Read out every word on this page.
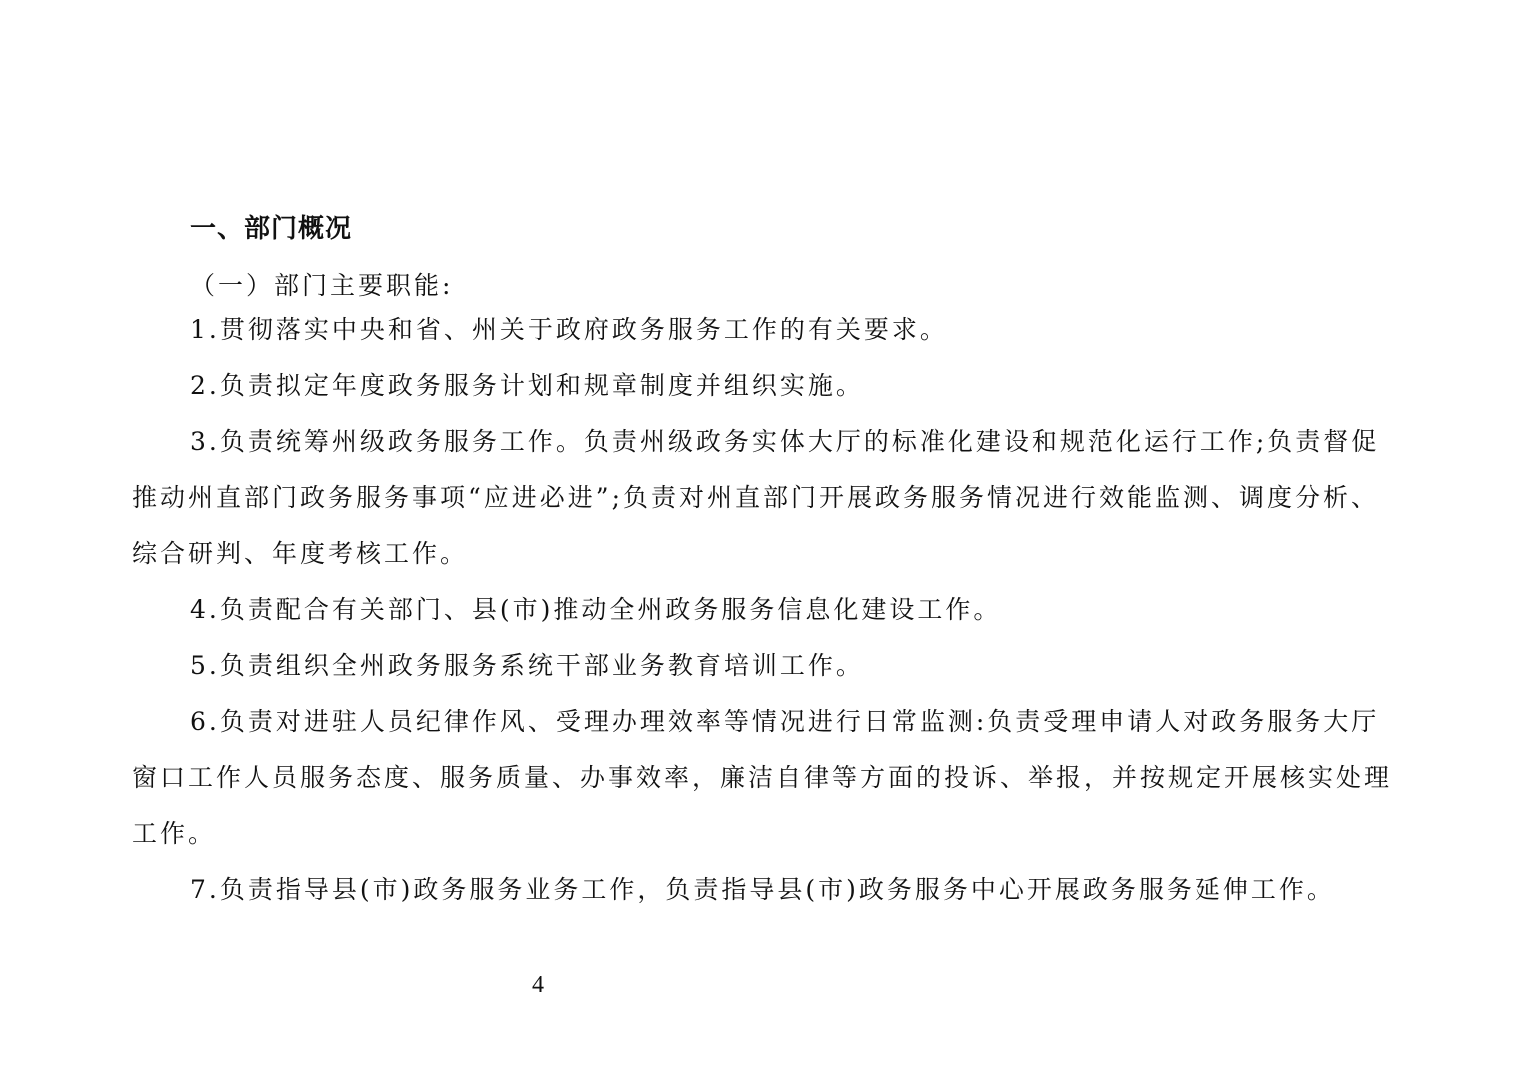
一、部门概况

（一）部门主要职能:

1.贯彻落实中央和省、州关于政府政务服务工作的有关要求。

2.负责拟定年度政务服务计划和规章制度并组织实施。

3.负责统筹州级政务服务工作。负责州级政务实体大厅的标准化建设和规范化运行工作;负责督促推动州直部门政务服务事项“应进必进”;负责对州直部门开展政务服务情况进行效能监测、调度分析、综合研判、年度考核工作。

4.负责配合有关部门、县(市)推动全州政务服务信息化建设工作。

5.负责组织全州政务服务系统干部业务教育培训工作。

6.负责对进驻人员纪律作风、受理办理效率等情况进行日常监测:负责受理申请人对政务服务大厅窗口工作人员服务态度、服务质量、办事效率，廉洁自律等方面的投诉、举报，并按规定开展核实处理工作。

7.负责指导县(市)政务服务业务工作，负责指导县(市)政务服务中心开展政务服务延伸工作。

4
